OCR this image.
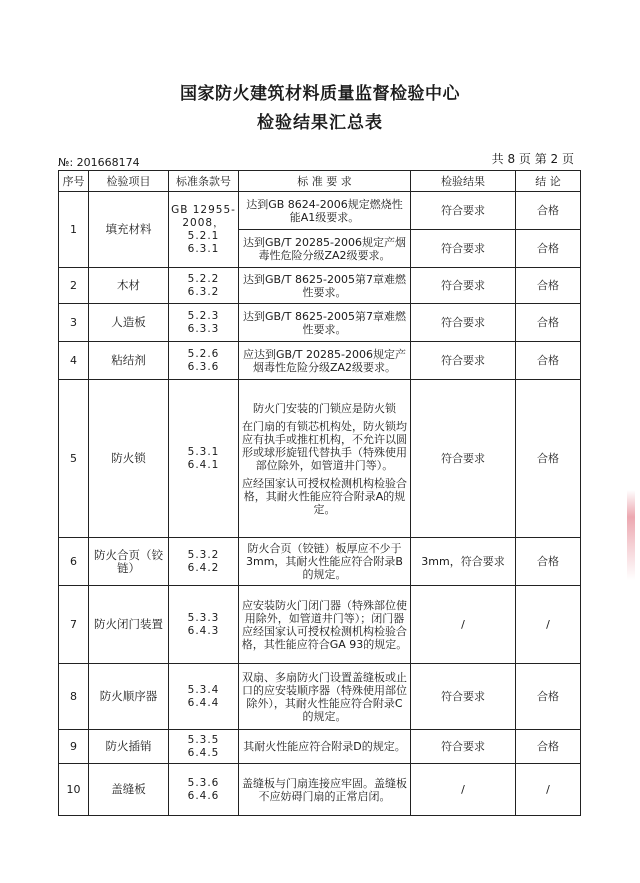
国家防火建筑材料质量监督检验中心
检验结果汇总表
№: 201668174	共 8 页 第 2 页
序号	检验项目	标准条款号	标 准 要 求	检验结果	结 论
1	填充材料	GB 12955-2008，5.2.1 6.3.1	达到GB 8624-2006规定燃烧性能A1级要求。	符合要求	合格
			达到GB/T 20285-2006规定产烟毒性危险分级ZA2级要求。	符合要求	合格
2	木材	5.2.2 6.3.2	达到GB/T 8625-2005第7章难燃性要求。	符合要求	合格
3	人造板	5.2.3 6.3.3	达到GB/T 8625-2005第7章难燃性要求。	符合要求	合格
4	粘结剂	5.2.6 6.3.6	应达到GB/T 20285-2006规定产烟毒性危险分级ZA2级要求。	符合要求	合格
5	防火锁	5.3.1 6.4.1	防火门安装的门锁应是防火锁

在门扇的有锁芯机构处，防火锁均应有执手或推杠机构，不允许以圆形或球形旋钮代替执手（特殊使用部位除外，如管道井门等）。

应经国家认可授权检测机构检验合格，其耐火性能应符合附录A的规定。	符合要求	合格
6	防火合页（铰链）	5.3.2 6.4.2	防火合页（铰链）板厚应不少于3mm，其耐火性能应符合附录B的规定。	3mm，符合要求	合格
7	防火闭门装置	5.3.3 6.4.3	应安装防火门闭门器（特殊部位使用除外，如管道井门等）；闭门器应经国家认可授权检测机构检验合格，其性能应符合GA 93的规定。	/	/
8	防火顺序器	5.3.4 6.4.4	双扇、多扇防火门设置盖缝板或止口的应安装顺序器（特殊使用部位除外），其耐火性能应符合附录C的规定。	符合要求	合格
9	防火插销	5.3.5 6.4.5	其耐火性能应符合附录D的规定。	符合要求	合格
10	盖缝板	5.3.6 6.4.6	盖缝板与门扇连接应牢固。盖缝板不应妨碍门扇的正常启闭。	/	/
